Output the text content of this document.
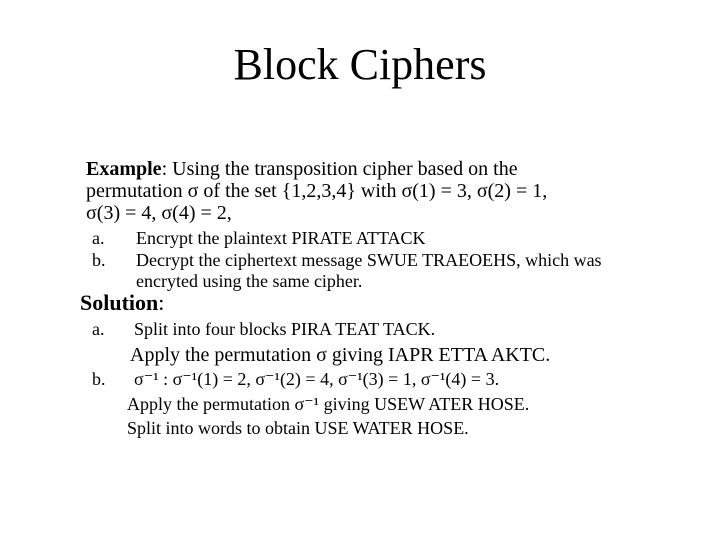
Block Ciphers
Example: Using the transposition cipher based on the
permutation σ of the set {1,2,3,4} with σ(1) = 3, σ(2) = 1,
σ(3) = 4, σ(4) = 2,
a. Encrypt the plaintext PIRATE ATTACK
b. Decrypt the ciphertext message SWUE TRAEOEHS, which was
encryted using the same cipher.
Solution:
a. Split into four blocks PIRA TEAT TACK.
Apply the permutation σ giving IAPR ETTA AKTC.
b. σ⁻¹ : σ⁻¹(1) = 2, σ⁻¹(2) = 4, σ⁻¹(3) = 1, σ⁻¹(4) = 3.
Apply the permutation σ⁻¹ giving USEW ATER HOSE.
Split into words to obtain USE WATER HOSE.
